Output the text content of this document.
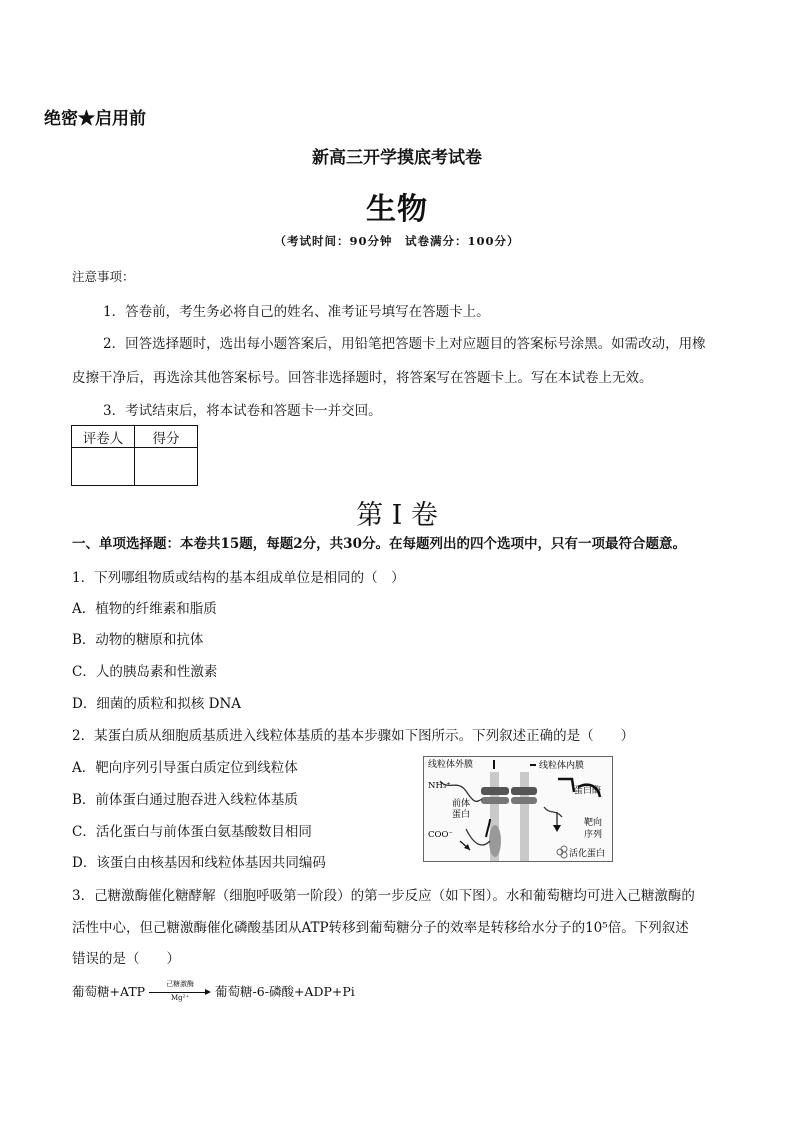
绝密★启用前
新高三开学摸底考试卷
生物
（考试时间：90分钟　试卷满分：100分）
注意事项：
1．答卷前，考生务必将自己的姓名、准考证号填写在答题卡上。
2．回答选择题时，选出每小题答案后，用铅笔把答题卡上对应题目的答案标号涂黑。如需改动，用橡
皮擦干净后，再选涂其他答案标号。回答非选择题时，将答案写在答题卡上。写在本试卷上无效。
3．考试结束后，将本试卷和答题卡一并交回。
评卷人	得分

第 I 卷
一、单项选择题：本卷共15题，每题2分，共30分。在每题列出的四个选项中，只有一项最符合题意。
1．下列哪组物质或结构的基本组成单位是相同的（　）
A．植物的纤维素和脂质
B．动物的糖原和抗体
C．人的胰岛素和性激素
D．细菌的质粒和拟核 DNA
2．某蛋白质从细胞质基质进入线粒体基质的基本步骤如下图所示。下列叙述正确的是（　　）
A．靶向序列引导蛋白质定位到线粒体
B．前体蛋白通过胞吞进入线粒体基质
C．活化蛋白与前体蛋白氨基酸数目相同
D．该蛋白由核基因和线粒体基因共同编码
线粒体外膜	线粒体内膜
NH₃⁺
前体
蛋白
COO⁻
蛋白酶
靶向
序列
活化蛋白
3．己糖激酶催化糖酵解（细胞呼吸第一阶段）的第一步反应（如下图）。水和葡萄糖均可进入己糖激酶的
活性中心，但己糖激酶催化磷酸基团从ATP转移到葡萄糖分子的效率是转移给水分子的10⁵倍。下列叙述
错误的是（　　）
葡萄糖+ATP
己糖激酶
Mg²⁺	葡萄糖-6-磷酸+ADP+Pi
